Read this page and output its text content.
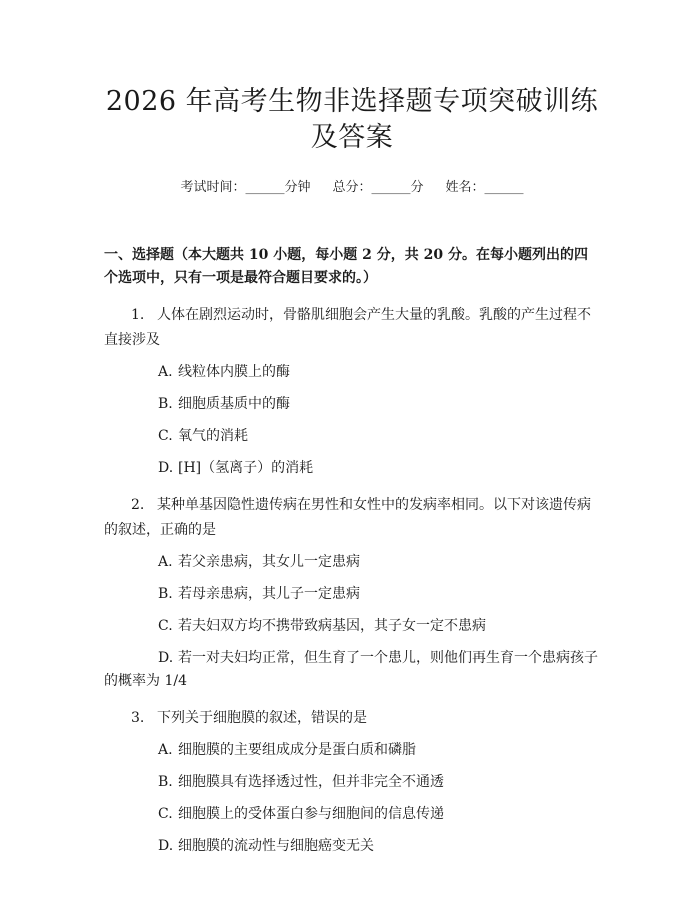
2026 年高考生物非选择题专项突破训练及答案
考试时间：______分钟 总分：______分 姓名：______
一、选择题（本大题共 10 小题，每小题 2 分，共 20 分。在每小题列出的四个选项中，只有一项是最符合题目要求的。）
1. 人体在剧烈运动时，骨骼肌细胞会产生大量的乳酸。乳酸的产生过程不直接涉及
A. 线粒体内膜上的酶
B. 细胞质基质中的酶
C. 氧气的消耗
D. [H]（氢离子）的消耗
2. 某种单基因隐性遗传病在男性和女性中的发病率相同。以下对该遗传病的叙述，正确的是
A. 若父亲患病，其女儿一定患病
B. 若母亲患病，其儿子一定患病
C. 若夫妇双方均不携带致病基因，其子女一定不患病
D. 若一对夫妇均正常，但生育了一个患儿，则他们再生育一个患病孩子的概率为 1/4
3. 下列关于细胞膜的叙述，错误的是
A. 细胞膜的主要组成成分是蛋白质和磷脂
B. 细胞膜具有选择透过性，但并非完全不通透
C. 细胞膜上的受体蛋白参与细胞间的信息传递
D. 细胞膜的流动性与细胞癌变无关
